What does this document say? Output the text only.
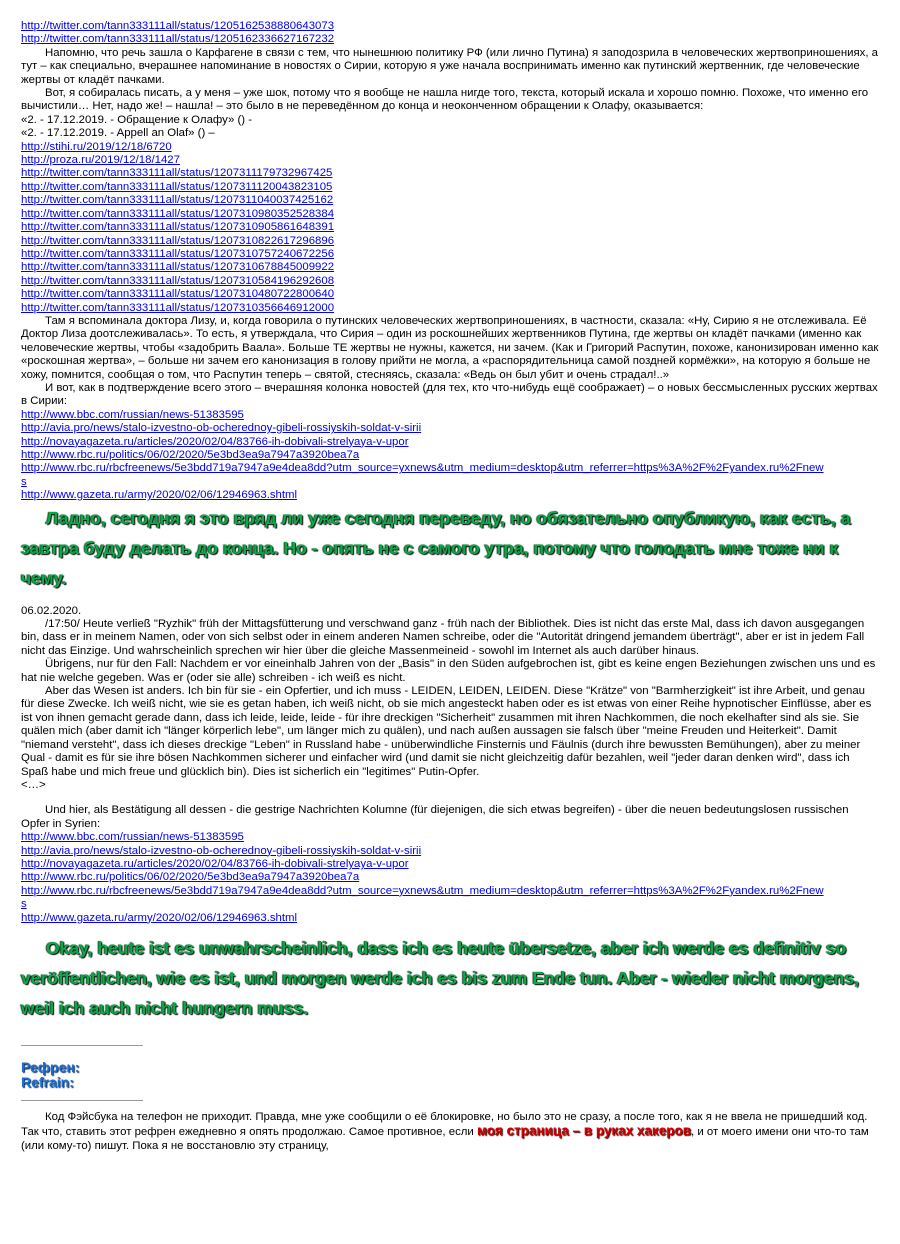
http://twitter.com/tann333111all/status/1205162538880643073
http://twitter.com/tann333111all/status/1205162336627167232

Напомню, что речь зашла о Карфагене в связи с тем, что нынешнюю политику РФ (или лично Путина) я заподозрила в человеческих жертвоприношениях, а тут – как специально, вчерашнее напоминание в новостях о Сирии, которую я уже начала воспринимать именно как путинский жертвенник, где человеческие жертвы от кладёт пачками.

Вот, я собиралась писать, а у меня – уже шок, потому что я вообще не нашла нигде того, текста, который искала и хорошо помню. Похоже, что именно его вычистили… Нет, надо же! – нашла! – это было в не переведённом до конца и неоконченном обращении к Олафу, оказывается:

«2. - 17.12.2019. - Обращение к Олафу» () -
«2. - 17.12.2019. - Appell an Olaf» () –
http://stihi.ru/2019/12/18/6720
http://proza.ru/2019/12/18/1427
http://twitter.com/tann333111all/status/1207311179732967425
http://twitter.com/tann333111all/status/1207311120043823105
http://twitter.com/tann333111all/status/1207311040037425162
http://twitter.com/tann333111all/status/1207310980352528384
http://twitter.com/tann333111all/status/1207310905861648391
http://twitter.com/tann333111all/status/1207310822617296896
http://twitter.com/tann333111all/status/1207310757240672256
http://twitter.com/tann333111all/status/1207310678845009922
http://twitter.com/tann333111all/status/1207310584196292608
http://twitter.com/tann333111all/status/1207310480722800640
http://twitter.com/tann333111all/status/1207310356646912000

Там я вспоминала доктора Лизу, и, когда говорила о путинских человеческих жертвоприношениях, в частности, сказала: «Ну, Сирию я не отслеживала. Её Доктор Лиза доотслеживалась». То есть, я утверждала, что Сирия – один из роскошнейших жертвенников Путина, где жертвы он кладёт пачками (именно как человеческие жертвы, чтобы «задобрить Ваала». Больше ТЕ жертвы не нужны, кажется, ни зачем. (Как и Григорий Распутин, похоже, канонизирован именно как «роскошная жертва», – больше ни зачем его канонизация в голову прийти не могла, а «распорядительница самой поздней кормёжки», на которую я больше не хожу, помнится, сообщая о том, что Распутин теперь – святой, стесняясь, сказала: «Ведь он был убит и очень страдал!..»

И вот, как в подтверждение всего этого – вчерашняя колонка новостей (для тех, кто что-нибудь ещё соображает) – о новых бессмысленных русских жертвах в Сирии:

http://www.bbc.com/russian/news-51383595
http://avia.pro/news/stalo-izvestno-ob-ocherednoy-gibeli-rossiyskih-soldat-v-sirii
http://novayagazeta.ru/articles/2020/02/04/83766-ih-dobivali-strelyaya-v-upor
http://www.rbc.ru/politics/06/02/2020/5e3bd3ea9a7947a3920bea7a
http://www.rbc.ru/rbcfreenews/5e3bdd719a7947a9e4dea8dd?utm_source=yxnews&utm_medium=desktop&utm_referrer=https%3A%2F%2Fyandex.ru%2Fnew
s
http://www.gazeta.ru/army/2020/02/06/12946963.shtml

Ладно, сегодня я это вряд ли уже сегодня переведу, но обязательно опубликую, как есть, а завтра буду делать до конца. Но - опять не с самого утра, потому что голодать мне тоже ни к чему.

06.02.2020.

/17:50/ Heute verließ "Ryzhik" früh der Mittagsfütterung und verschwand ganz - früh nach der Bibliothek. Dies ist nicht das erste Mal, dass ich davon ausgegangen bin, dass er in meinem Namen, oder von sich selbst oder in einem anderen Namen schreibe, oder die "Autorität dringend jemandem überträgt", aber er ist in jedem Fall nicht das Einzige. Und wahrscheinlich sprechen wir hier über die gleiche Massenmeineid - sowohl im Internet als auch darüber hinaus.

Übrigens, nur für den Fall: Nachdem er vor eineinhalb Jahren von der „Basis" in den Süden aufgebrochen ist, gibt es keine engen Beziehungen zwischen uns und es hat nie welche gegeben. Was er (oder sie alle) schreiben - ich weiß es nicht.

Aber das Wesen ist anders. Ich bin für sie - ein Opfertier, und ich muss - LEIDEN, LEIDEN, LEIDEN. Diese "Krätze" von "Barmherzigkeit" ist ihre Arbeit, und genau für diese Zwecke. Ich weiß nicht, wie sie es getan haben, ich weiß nicht, ob sie mich angesteckt haben oder es ist etwas von einer Reihe hypnotischer Einflüsse, aber es ist von ihnen gemacht gerade dann, dass ich leide, leide, leide - für ihre dreckigen "Sicherheit" zusammen mit ihren Nachkommen, die noch ekelhafter sind als sie. Sie quälen mich (aber damit ich "länger körperlich lebe", um länger mich zu quälen), und nach außen aussagen sie falsch über "meine Freuden und Heiterkeit". Damit "niemand versteht", dass ich dieses dreckige "Leben" in Russland habe - unüberwindliche Finsternis und Fäulnis (durch ihre bewussten Bemühungen), aber zu meiner Qual - damit es für sie ihre bösen Nachkommen sicherer und einfacher wird (und damit sie nicht gleichzeitig dafür bezahlen, weil "jeder daran denken wird", dass ich Spaß habe und mich freue und glücklich bin). Dies ist sicherlich ein "legitimes" Putin-Opfer.

<…>

Und hier, als Bestätigung all dessen - die gestrige Nachrichten Kolumne (für diejenigen, die sich etwas begreifen) - über die neuen bedeutungslosen russischen Opfer in Syrien:

http://www.bbc.com/russian/news-51383595
http://avia.pro/news/stalo-izvestno-ob-ocherednoy-gibeli-rossiyskih-soldat-v-sirii
http://novayagazeta.ru/articles/2020/02/04/83766-ih-dobivali-strelyaya-v-upor
http://www.rbc.ru/politics/06/02/2020/5e3bd3ea9a7947a3920bea7a
http://www.rbc.ru/rbcfreenews/5e3bdd719a7947a9e4dea8dd?utm_source=yxnews&utm_medium=desktop&utm_referrer=https%3A%2F%2Fyandex.ru%2Fnew
s
http://www.gazeta.ru/army/2020/02/06/12946963.shtml

Okay, heute ist es unwahrscheinlich, dass ich es heute übersetze, aber ich werde es definitiv so veröffentlichen, wie es ist, und morgen werde ich es bis zum Ende tun. Aber - wieder nicht morgens, weil ich auch nicht hungern muss.

Рефрен:
Refrain:

Код Фэйсбука на телефон не приходит. Правда, мне уже сообщили о её блокировке, но было это не сразу, а после того, как я не ввела не пришедший код. Так что, ставить этот рефрен ежедневно я опять продолжаю. Самое противное, если моя страница – в руках хакеров, и от моего имени они что-то там (или кому-то) пишут. Пока я не восстановлю эту страницу,
